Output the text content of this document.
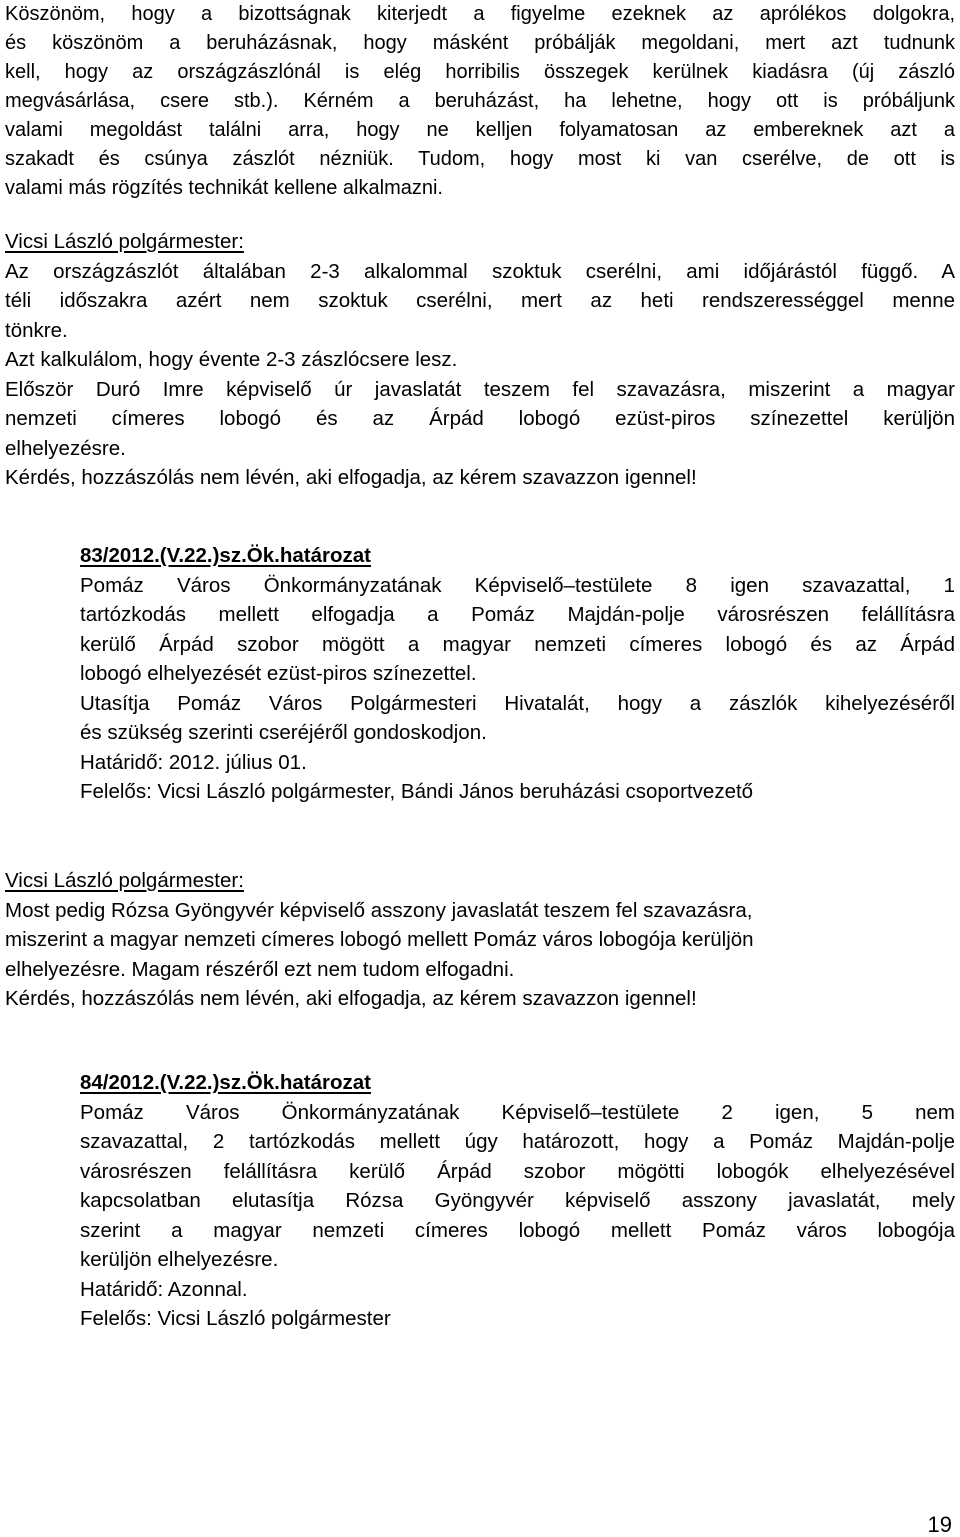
Köszönöm, hogy a bizottságnak kiterjedt a figyelme ezeknek az aprólékos dolgokra,
és köszönöm a beruházásnak, hogy másként próbálják megoldani, mert azt tudnunk
kell, hogy az országzászlónál is elég horribilis összegek kerülnek kiadásra (új zászló
megvásárlása, csere stb.). Kérném a beruházást, ha lehetne, hogy ott is próbáljunk
valami megoldást találni arra, hogy ne kelljen folyamatosan az embereknek azt a
szakadt és csúnya zászlót nézniük. Tudom, hogy most ki van cserélve, de ott is
valami más rögzítés technikát kellene alkalmazni.
Vicsi László polgármester:
Az országzászlót általában 2-3 alkalommal szoktuk cserélni, ami időjárástól függő. A
téli időszakra azért nem szoktuk cserélni, mert az heti rendszerességgel menne
tönkre.
Azt kalkulálom, hogy évente 2-3 zászlócsere lesz.
Először Duró Imre képviselő úr javaslatát teszem fel szavazásra, miszerint a magyar
nemzeti címeres lobogó és az Árpád lobogó ezüst-piros színezettel kerüljön
elhelyezésre.
Kérdés, hozzászólás nem lévén, aki elfogadja, az kérem szavazzon igennel!
83/2012.(V.22.)sz.Ök.határozat
Pomáz Város Önkormányzatának Képviselő–testülete 8 igen szavazattal, 1
tartózkodás mellett elfogadja a Pomáz Majdán-polje városrészen felállításra
kerülő Árpád szobor mögött a magyar nemzeti címeres lobogó és az Árpád
lobogó elhelyezését ezüst-piros színezettel.
Utasítja Pomáz Város Polgármesteri Hivatalát, hogy a zászlók kihelyezéséről
és szükség szerinti cseréjéről gondoskodjon.
Határidő: 2012. július 01.
Felelős: Vicsi László polgármester, Bándi János beruházási csoportvezető
Vicsi László polgármester:
Most pedig Rózsa Gyöngyvér képviselő asszony javaslatát teszem fel szavazásra,
miszerint a magyar nemzeti címeres lobogó mellett Pomáz város lobogója kerüljön
elhelyezésre. Magam részéről ezt nem tudom elfogadni.
Kérdés, hozzászólás nem lévén, aki elfogadja, az kérem szavazzon igennel!
84/2012.(V.22.)sz.Ök.határozat
Pomáz Város Önkormányzatának Képviselő–testülete 2 igen, 5 nem
szavazattal, 2 tartózkodás mellett úgy határozott, hogy a Pomáz Majdán-polje
városrészen felállításra kerülő Árpád szobor mögötti lobogók elhelyezésével
kapcsolatban elutasítja Rózsa Gyöngyvér képviselő asszony javaslatát, mely
szerint a magyar nemzeti címeres lobogó mellett Pomáz város lobogója
kerüljön elhelyezésre.
Határidő: Azonnal.
Felelős: Vicsi László polgármester
19
